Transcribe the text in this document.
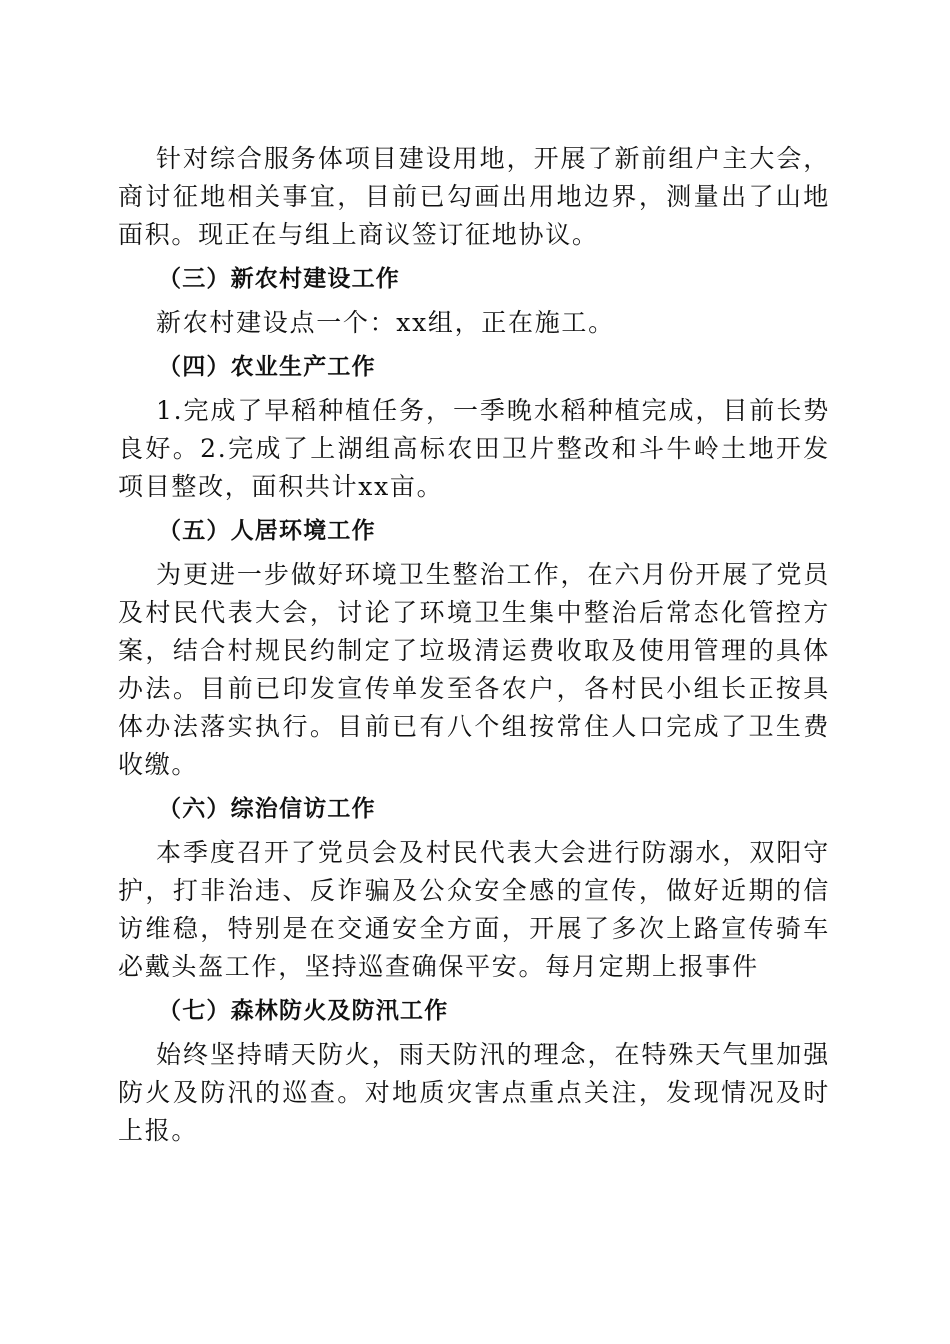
针对综合服务体项目建设用地，开展了新前组户主大会，商讨征地相关事宜，目前已勾画出用地边界，测量出了山地面积。现正在与组上商议签订征地协议。

（三）新农村建设工作

新农村建设点一个：xx组，正在施工。

（四）农业生产工作

1.完成了早稻种植任务，一季晚水稻种植完成，目前长势良好。2.完成了上湖组高标农田卫片整改和斗牛岭土地开发项目整改，面积共计xx亩。

（五）人居环境工作

为更进一步做好环境卫生整治工作，在六月份开展了党员及村民代表大会，讨论了环境卫生集中整治后常态化管控方案，结合村规民约制定了垃圾清运费收取及使用管理的具体办法。目前已印发宣传单发至各农户，各村民小组长正按具体办法落实执行。目前已有八个组按常住人口完成了卫生费收缴。

（六）综治信访工作

本季度召开了党员会及村民代表大会进行防溺水，双阳守护，打非治违、反诈骗及公众安全感的宣传，做好近期的信访维稳，特别是在交通安全方面，开展了多次上路宣传骑车必戴头盔工作，坚持巡查确保平安。每月定期上报事件

（七）森林防火及防汛工作

始终坚持晴天防火，雨天防汛的理念，在特殊天气里加强防火及防汛的巡查。对地质灾害点重点关注，发现情况及时上报。
